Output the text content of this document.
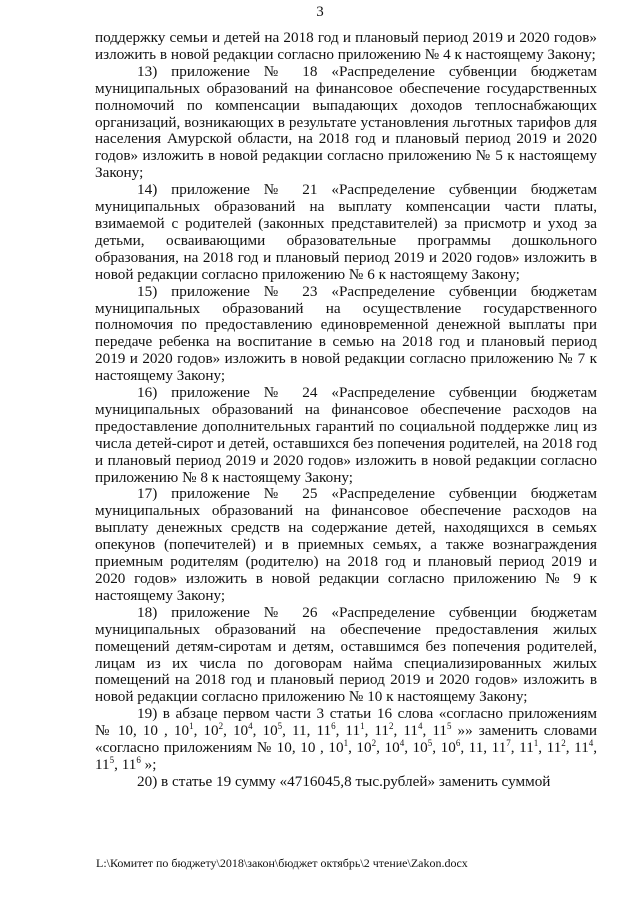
3

поддержку семьи и детей на 2018 год и плановый период 2019 и 2020 годов» изложить в новой редакции согласно приложению № 4 к настоящему Закону;

13) приложение № 18 «Распределение субвенции бюджетам муниципальных образований на финансовое обеспечение государственных полномочий по компенсации выпадающих доходов теплоснабжающих организаций, возникающих в результате установления льготных тарифов для населения Амурской области, на 2018 год и плановый период 2019 и 2020 годов» изложить в новой редакции согласно приложению № 5 к настоящему Закону;

14) приложение № 21 «Распределение субвенции бюджетам муниципальных образований на выплату компенсации части платы, взимаемой с родителей (законных представителей) за присмотр и уход за детьми, осваивающими образовательные программы дошкольного образования, на 2018 год и плановый период 2019 и 2020 годов» изложить в новой редакции согласно приложению № 6 к настоящему Закону;

15) приложение № 23 «Распределение субвенции бюджетам муниципальных образований на осуществление государственного полномочия по предоставлению единовременной денежной выплаты при передаче ребенка на воспитание в семью на 2018 год и плановый период 2019 и 2020 годов» изложить в новой редакции согласно приложению № 7 к настоящему Закону;

16) приложение № 24 «Распределение субвенции бюджетам муниципальных образований на финансовое обеспечение расходов на предоставление дополнительных гарантий по социальной поддержке лиц из числа детей-сирот и детей, оставшихся без попечения родителей, на 2018 год и плановый период 2019 и 2020 годов» изложить в новой редакции согласно приложению № 8 к настоящему Закону;

17) приложение № 25 «Распределение субвенции бюджетам муниципальных образований на финансовое обеспечение расходов на выплату денежных средств на содержание детей, находящихся в семьях опекунов (попечителей) и в приемных семьях, а также вознаграждения приемным родителям (родителю) на 2018 год и плановый период 2019 и 2020 годов» изложить в новой редакции согласно приложению № 9 к настоящему Закону;

18) приложение № 26 «Распределение субвенции бюджетам муниципальных образований на обеспечение предоставления жилых помещений детям-сиротам и детям, оставшимся без попечения родителей, лицам из их числа по договорам найма специализированных жилых помещений на 2018 год и плановый период 2019 и 2020 годов» изложить в новой редакции согласно приложению № 10 к настоящему Закону;

19) в абзаце первом части 3 статьи 16 слова «согласно приложениям № 10, 10 , $10^1$, $10^2$, $10^4$, $10^5$, 11, $11^6$, $11^1$, $11^2$, $11^4$, $11^5$ »» заменить словами «согласно приложениям № 10, 10 , $10^1$, $10^2$, $10^4$, $10^5$, $10^6$, 11, $11^7$, $11^1$, $11^2$, $11^4$, $11^5$, $11^6$ »;

20) в статье 19 сумму «4716045,8 тыс.рублей» заменить суммой

L:\Комитет по бюджету\2018\закон\бюджет октябрь\2 чтение\Zakon.docx
